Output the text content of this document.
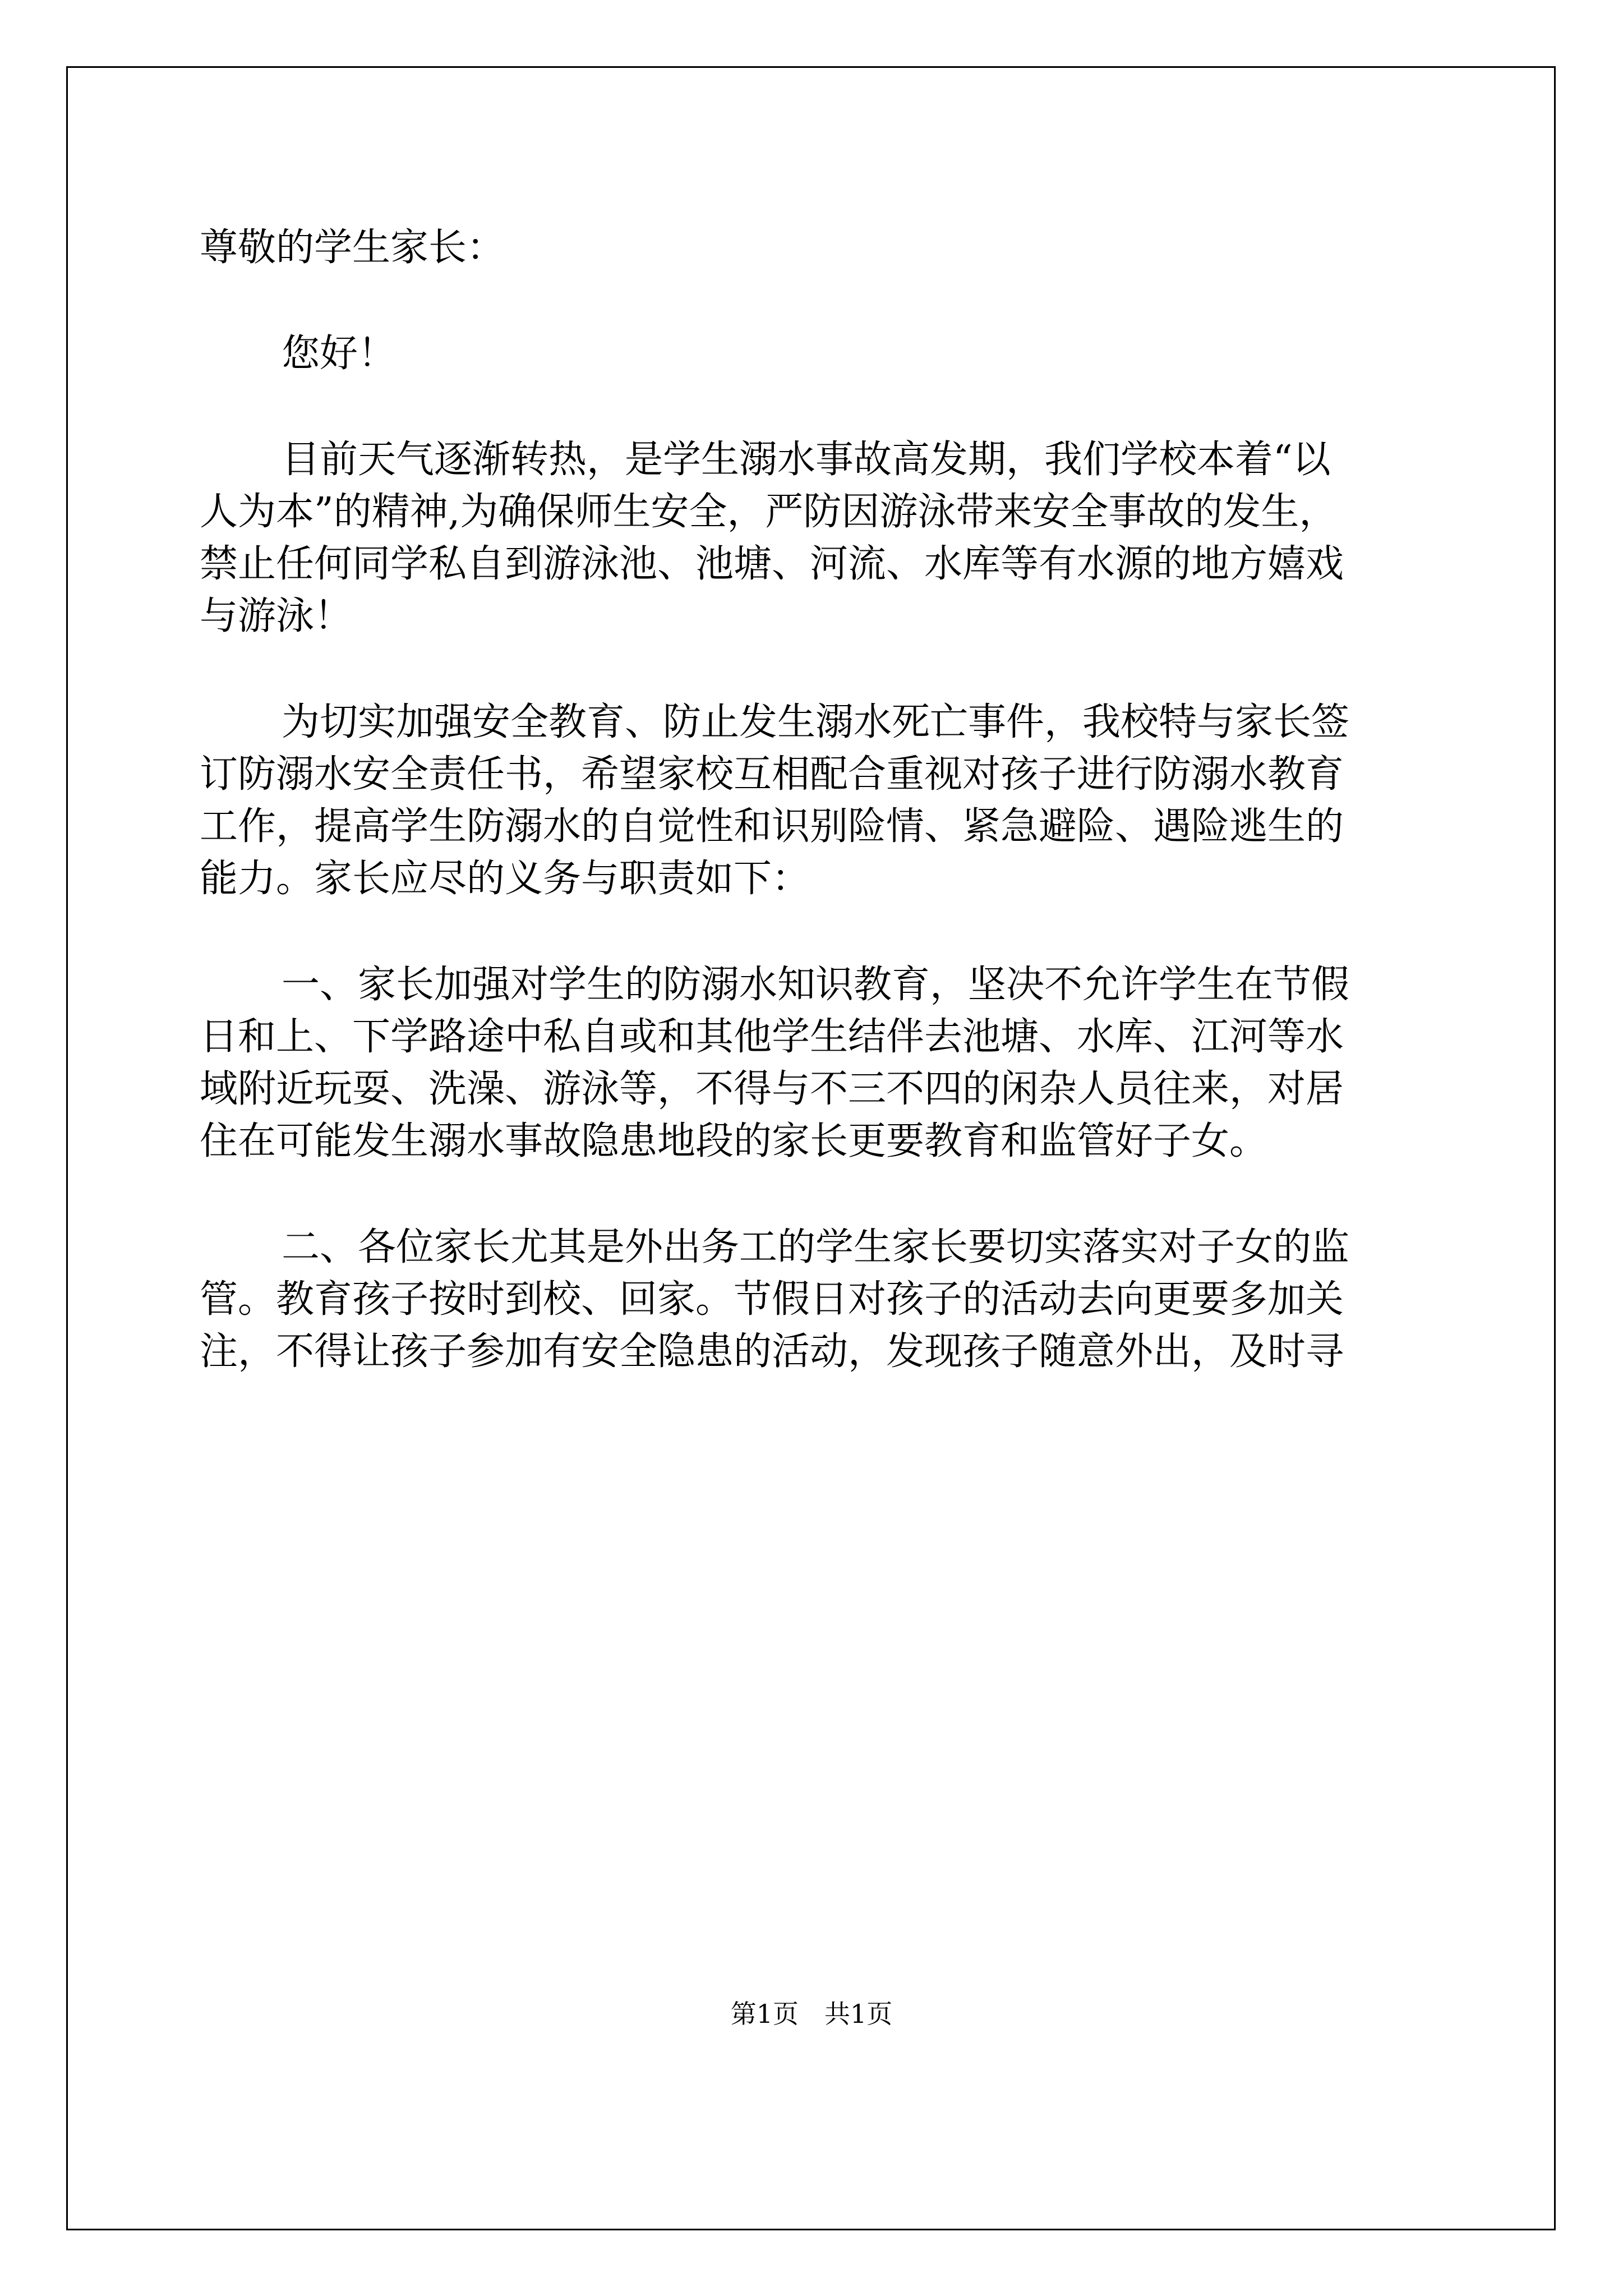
尊敬的学生家长：
您好！
目前天气逐渐转热，是学生溺水事故高发期，我们学校本着“以
人为本”的精神,为确保师生安全，严防因游泳带来安全事故的发生，
禁止任何同学私自到游泳池、池塘、河流、水库等有水源的地方嬉戏
与游泳！
为切实加强安全教育、防止发生溺水死亡事件，我校特与家长签
订防溺水安全责任书，希望家校互相配合重视对孩子进行防溺水教育
工作，提高学生防溺水的自觉性和识别险情、紧急避险、遇险逃生的
能力。家长应尽的义务与职责如下：
一、家长加强对学生的防溺水知识教育，坚决不允许学生在节假
日和上、下学路途中私自或和其他学生结伴去池塘、水库、江河等水
域附近玩耍、洗澡、游泳等，不得与不三不四的闲杂人员往来，对居
住在可能发生溺水事故隐患地段的家长更要教育和监管好子女。
二、各位家长尤其是外出务工的学生家长要切实落实对子女的监
管。教育孩子按时到校、回家。节假日对孩子的活动去向更要多加关
注，不得让孩子参加有安全隐患的活动，发现孩子随意外出，及时寻
第1页　共1页
